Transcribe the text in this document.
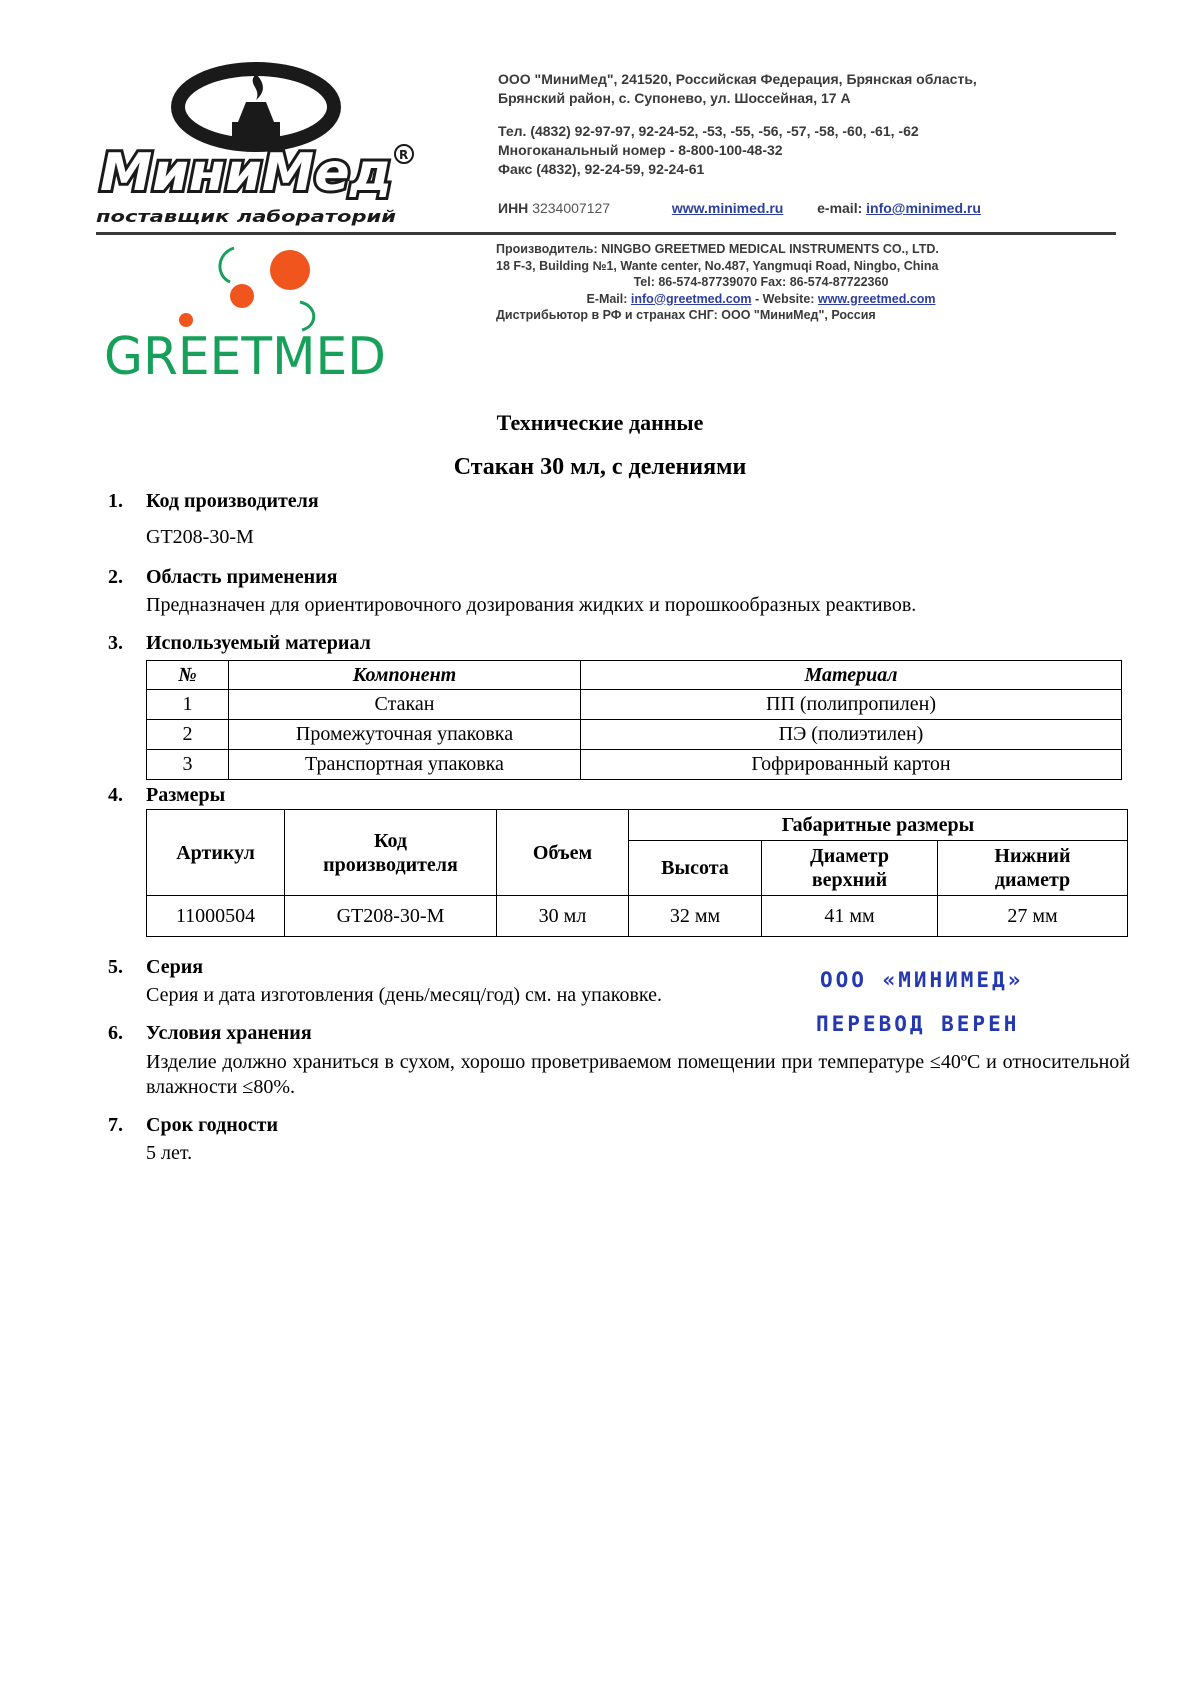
МиниМед R
поставщик лабораторий
ООО "МиниМед", 241520, Российская Федерация, Брянская область,
Брянский район, с. Супонево, ул. Шоссейная, 17 А
Тел. (4832) 92-97-97, 92-24-52, -53, -55, -56, -57, -58, -60, -61, -62
Многоканальный номер - 8-800-100-48-32
Факс (4832), 92-24-59, 92-24-61
ИНН 3234007127	www.minimed.ru e-mail: info@minimed.ru
GREETMED
Производитель: NINGBO GREETMED MEDICAL INSTRUMENTS CO., LTD.
18 F-3, Building №1, Wante center, No.487, Yangmuqi Road, Ningbo, China
Tel: 86-574-87739070 Fax: 86-574-87722360
E-Mail: info@greetmed.com - Website: www.greetmed.com
Дистрибьютор в РФ и странах СНГ: ООО "МиниМед", Россия
Технические данные
Стакан 30 мл, с делениями
1. Код производителя
GT208-30-M
2. Область применения
Предназначен для ориентировочного дозирования жидких и порошкообразных реактивов.
3. Используемый материал
№	Компонент	Материал
1	Стакан	ПП (полипропилен)
2	Промежуточная упаковка	ПЭ (полиэтилен)
3	Транспортная упаковка	Гофрированный картон
4. Размеры
Артикул	Код производителя	Объем	Габаритные размеры		
			Высота	Диаметр верхний	Нижний диаметр
11000504	GT208-30-M	30 мл	32 мм	41 мм	27 мм
5. Серия
Серия и дата изготовления (день/месяц/год) см. на упаковке.
ООО «МИНИМЕД»
ПЕРЕВОД ВЕРЕН
6. Условия хранения
Изделие должно храниться в сухом, хорошо проветриваемом помещении при температуре ≤40ºС и относительной влажности ≤80%.
7. Срок годности
5 лет.
